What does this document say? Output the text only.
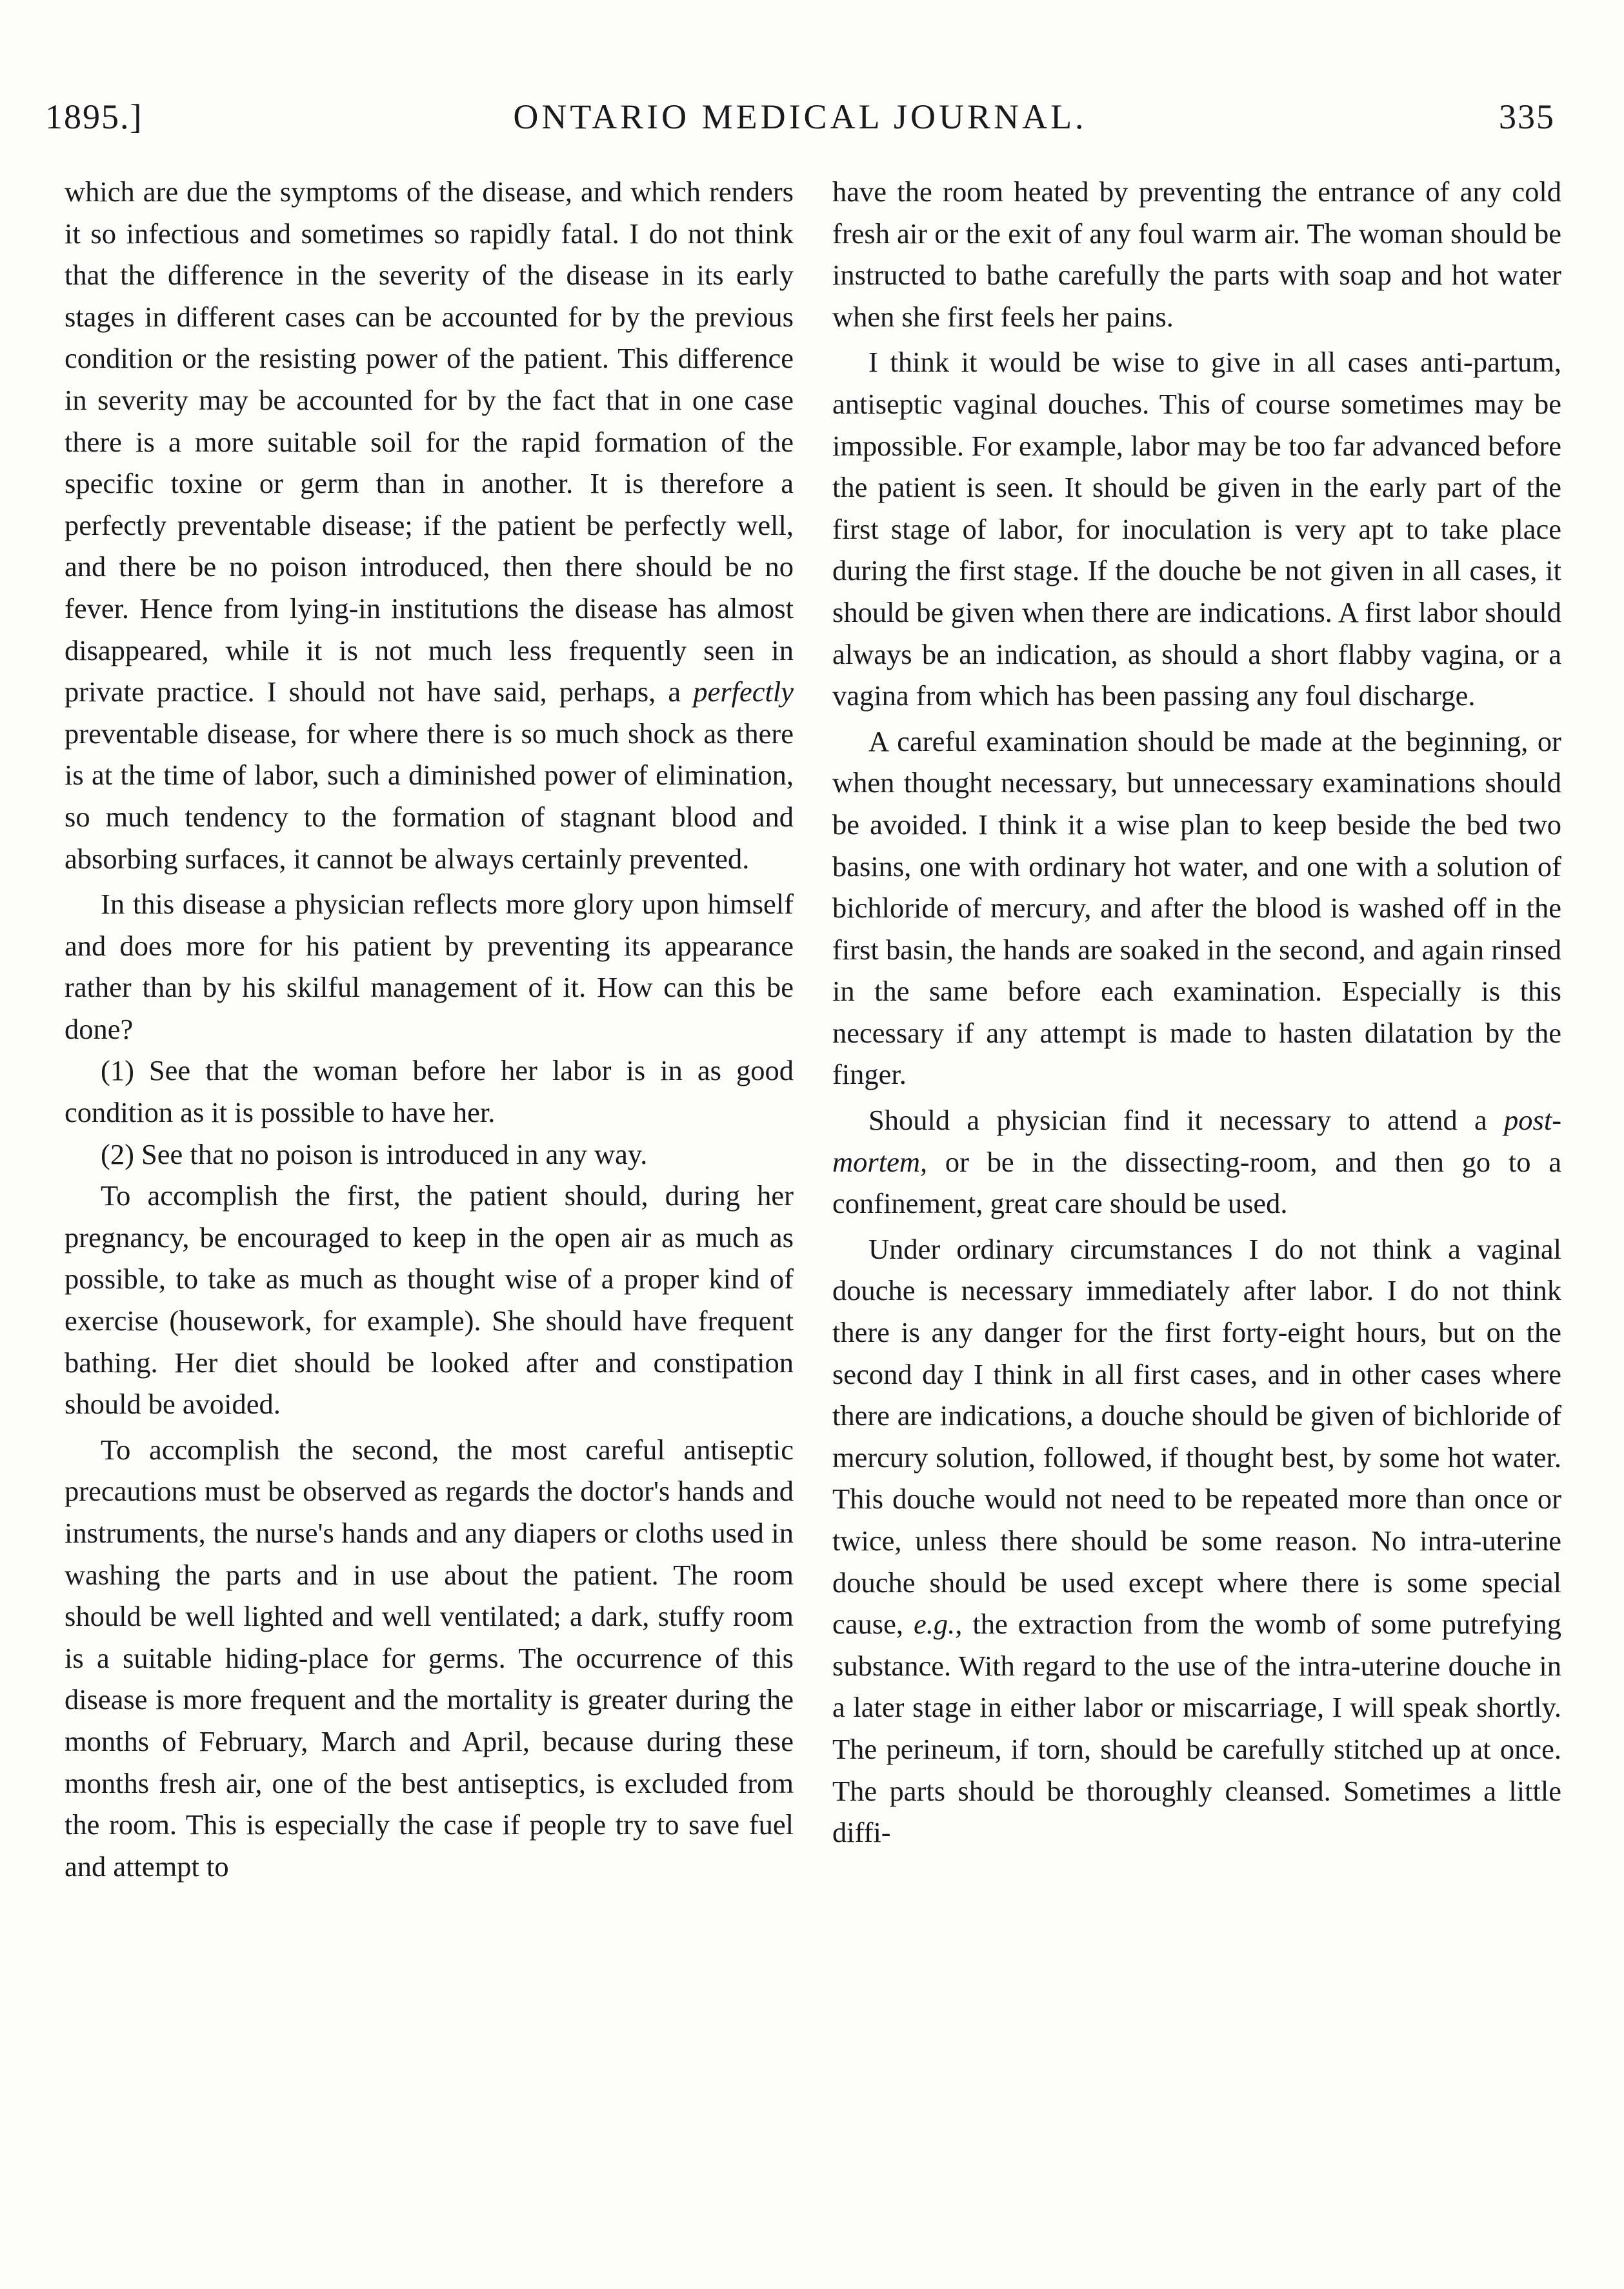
1895.]	ONTARIO MEDICAL JOURNAL.	335

which are due the symptoms of the disease, and which renders it so infectious and sometimes so rapidly fatal. I do not think that the difference in the severity of the disease in its early stages in different cases can be accounted for by the previous condition or the resisting power of the patient. This difference in severity may be accounted for by the fact that in one case there is a more suitable soil for the rapid formation of the specific toxine or germ than in another. It is therefore a perfectly preventable disease; if the patient be perfectly well, and there be no poison introduced, then there should be no fever. Hence from lying-in institutions the disease has almost disappeared, while it is not much less frequently seen in private practice. I should not have said, perhaps, a perfectly preventable disease, for where there is so much shock as there is at the time of labor, such a diminished power of elimination, so much tendency to the formation of stagnant blood and absorbing surfaces, it cannot be always certainly prevented.

In this disease a physician reflects more glory upon himself and does more for his patient by preventing its appearance rather than by his skilful management of it. How can this be done?

(1) See that the woman before her labor is in as good condition as it is possible to have her.

(2) See that no poison is introduced in any way.

To accomplish the first, the patient should, during her pregnancy, be encouraged to keep in the open air as much as possible, to take as much as thought wise of a proper kind of exercise (housework, for example). She should have frequent bathing. Her diet should be looked after and constipation should be avoided.

To accomplish the second, the most careful antiseptic precautions must be observed as regards the doctor's hands and instruments, the nurse's hands and any diapers or cloths used in washing the parts and in use about the patient. The room should be well lighted and well ventilated; a dark, stuffy room is a suitable hiding-place for germs. The occurrence of this disease is more frequent and the mortality is greater during the months of February, March and April, because during these months fresh air, one of the best antiseptics, is excluded from the room. This is especially the case if people try to save fuel and attempt to

have the room heated by preventing the entrance of any cold fresh air or the exit of any foul warm air. The woman should be instructed to bathe carefully the parts with soap and hot water when she first feels her pains.

I think it would be wise to give in all cases anti-partum, antiseptic vaginal douches. This of course sometimes may be impossible. For example, labor may be too far advanced before the patient is seen. It should be given in the early part of the first stage of labor, for inoculation is very apt to take place during the first stage. If the douche be not given in all cases, it should be given when there are indications. A first labor should always be an indication, as should a short flabby vagina, or a vagina from which has been passing any foul discharge.

A careful examination should be made at the beginning, or when thought necessary, but unnecessary examinations should be avoided. I think it a wise plan to keep beside the bed two basins, one with ordinary hot water, and one with a solution of bichloride of mercury, and after the blood is washed off in the first basin, the hands are soaked in the second, and again rinsed in the same before each examination. Especially is this necessary if any attempt is made to hasten dilatation by the finger.

Should a physician find it necessary to attend a post-mortem, or be in the dissecting-room, and then go to a confinement, great care should be used.

Under ordinary circumstances I do not think a vaginal douche is necessary immediately after labor. I do not think there is any danger for the first forty-eight hours, but on the second day I think in all first cases, and in other cases where there are indications, a douche should be given of bichloride of mercury solution, followed, if thought best, by some hot water. This douche would not need to be repeated more than once or twice, unless there should be some reason. No intra-uterine douche should be used except where there is some special cause, e.g., the extraction from the womb of some putrefying substance. With regard to the use of the intra-uterine douche in a later stage in either labor or miscarriage, I will speak shortly. The perineum, if torn, should be carefully stitched up at once. The parts should be thoroughly cleansed. Sometimes a little diffi-
